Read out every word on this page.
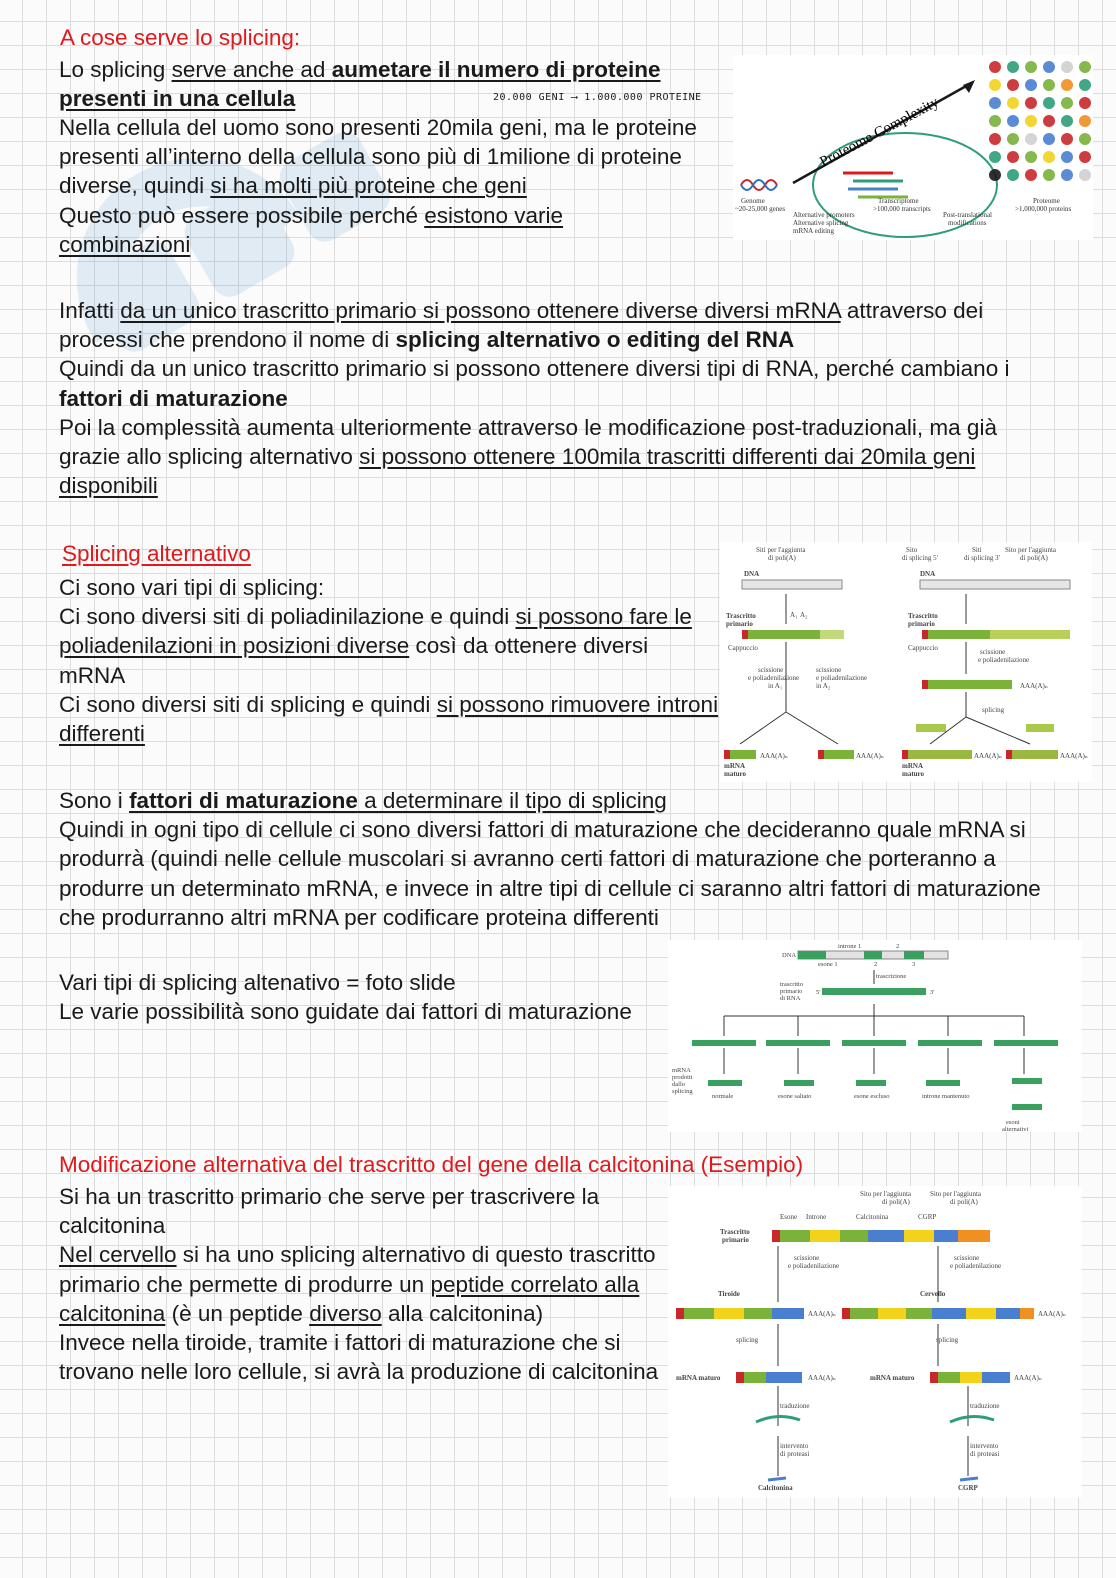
A cose serve lo splicing:
Lo splicing serve anche ad aumetare il numero di proteine presenti in una cellula	20.000 GENI ⟶ 1.000.000 PROTEINE
Nella cellula del uomo sono presenti 20mila geni, ma le proteine presenti all’interno della cellula sono più di 1milione di proteine diverse, quindi si ha molti più proteine che geni
Questo può essere possibile perché esistono varie combinazioni
Infatti da un unico trascritto primario si possono ottenere diverse diversi mRNA attraverso dei processi che prendono il nome di splicing alternativo o editing del RNA
Quindi da un unico trascritto primario si possono ottenere diversi tipi di RNA, perché cambiano i fattori di maturazione
Poi la complessità aumenta ulteriormente attraverso le modificazione post-traduzionali, ma già grazie allo splicing alternativo si possono ottenere 100mila trascritti differenti dai 20mila geni disponibili
Proteome Complexity
Genome ~20-25,000 genes
Alternative promoters Alternative splicing mRNA editing
Transcriptome >100,000 transcripts
Post-translational modifications
Proteome >1,000,000 proteins
Splicing alternativo
Ci sono vari tipi di splicing:
Ci sono diversi siti di poliadinilazione e quindi si possono fare le poliadenilazioni in posizioni diverse così da ottenere diversi mRNA
Ci sono diversi siti di splicing e quindi si possono rimuovere introni differenti
Siti per l'aggiunta di poli(A)
Sito di splicing 5'
Siti di splicing 3'
Sito per l'aggiunta di poli(A)
DNA	DNA
Trascritto primario
Trascritto primario
Cappuccio	Cappuccio
A₁ A₂
scissione e poliadenilazione in A₁
scissione e poliadenilazione in A₂
scissione e poliadenilazione
splicing
mRNA maturo
mRNA maturo
AAA(A)ₙ	AAA(A)ₙ
AAA(A)ₙ
AAA(A)ₙ	AAA(A)ₙ
Sono i fattori di maturazione a determinare il tipo di splicing
Quindi in ogni tipo di cellule ci sono diversi fattori di maturazione che decideranno quale mRNA si produrrà (quindi nelle cellule muscolari si avranno certi fattori di maturazione che porteranno a produrre un determinato mRNA, e invece in altre tipi di cellule ci saranno altri fattori di maturazione che produrranno altri mRNA per codificare proteina differenti
Vari tipi di splicing altenativo = foto slide
Le varie possibilità sono guidate dai fattori di maturazione
DNA
introne 1	2
esone 1	2	3
trascrizione
trascritto primario di RNA
5'	3'
mRNA prodotti dallo splicing
normale	esone saltato	esone escluso	introne mantenuto
esoni alternativi
Modificazione alternativa del trascritto del gene della calcitonina (Esempio)
Si ha un trascritto primario che serve per trascrivere la calcitonina
Nel cervello si ha uno splicing alternativo di questo trascritto primario che permette di produrre un peptide correlato alla calcitonina (è un peptide diverso alla calcitonina)
Invece nella tiroide, tramite i fattori di maturazione che si trovano nelle loro cellule, si avrà la produzione di calcitonina
Sito per l'aggiunta di poli(A)
Sito per l'aggiunta di poli(A)
Esone Introne	Calcitonina	CGRP
Trascritto primario
scissione e poliadenilazione
scissione e poliadenilazione
Tiroide	Cervello
splicing	splicing
mRNA maturo	mRNA maturo
AAA(A)ₙ	AAA(A)ₙ
AAA(A)ₙ	AAA(A)ₙ
traduzione	traduzione
intervento di proteasi
intervento di proteasi
Calcitonina	CGRP
